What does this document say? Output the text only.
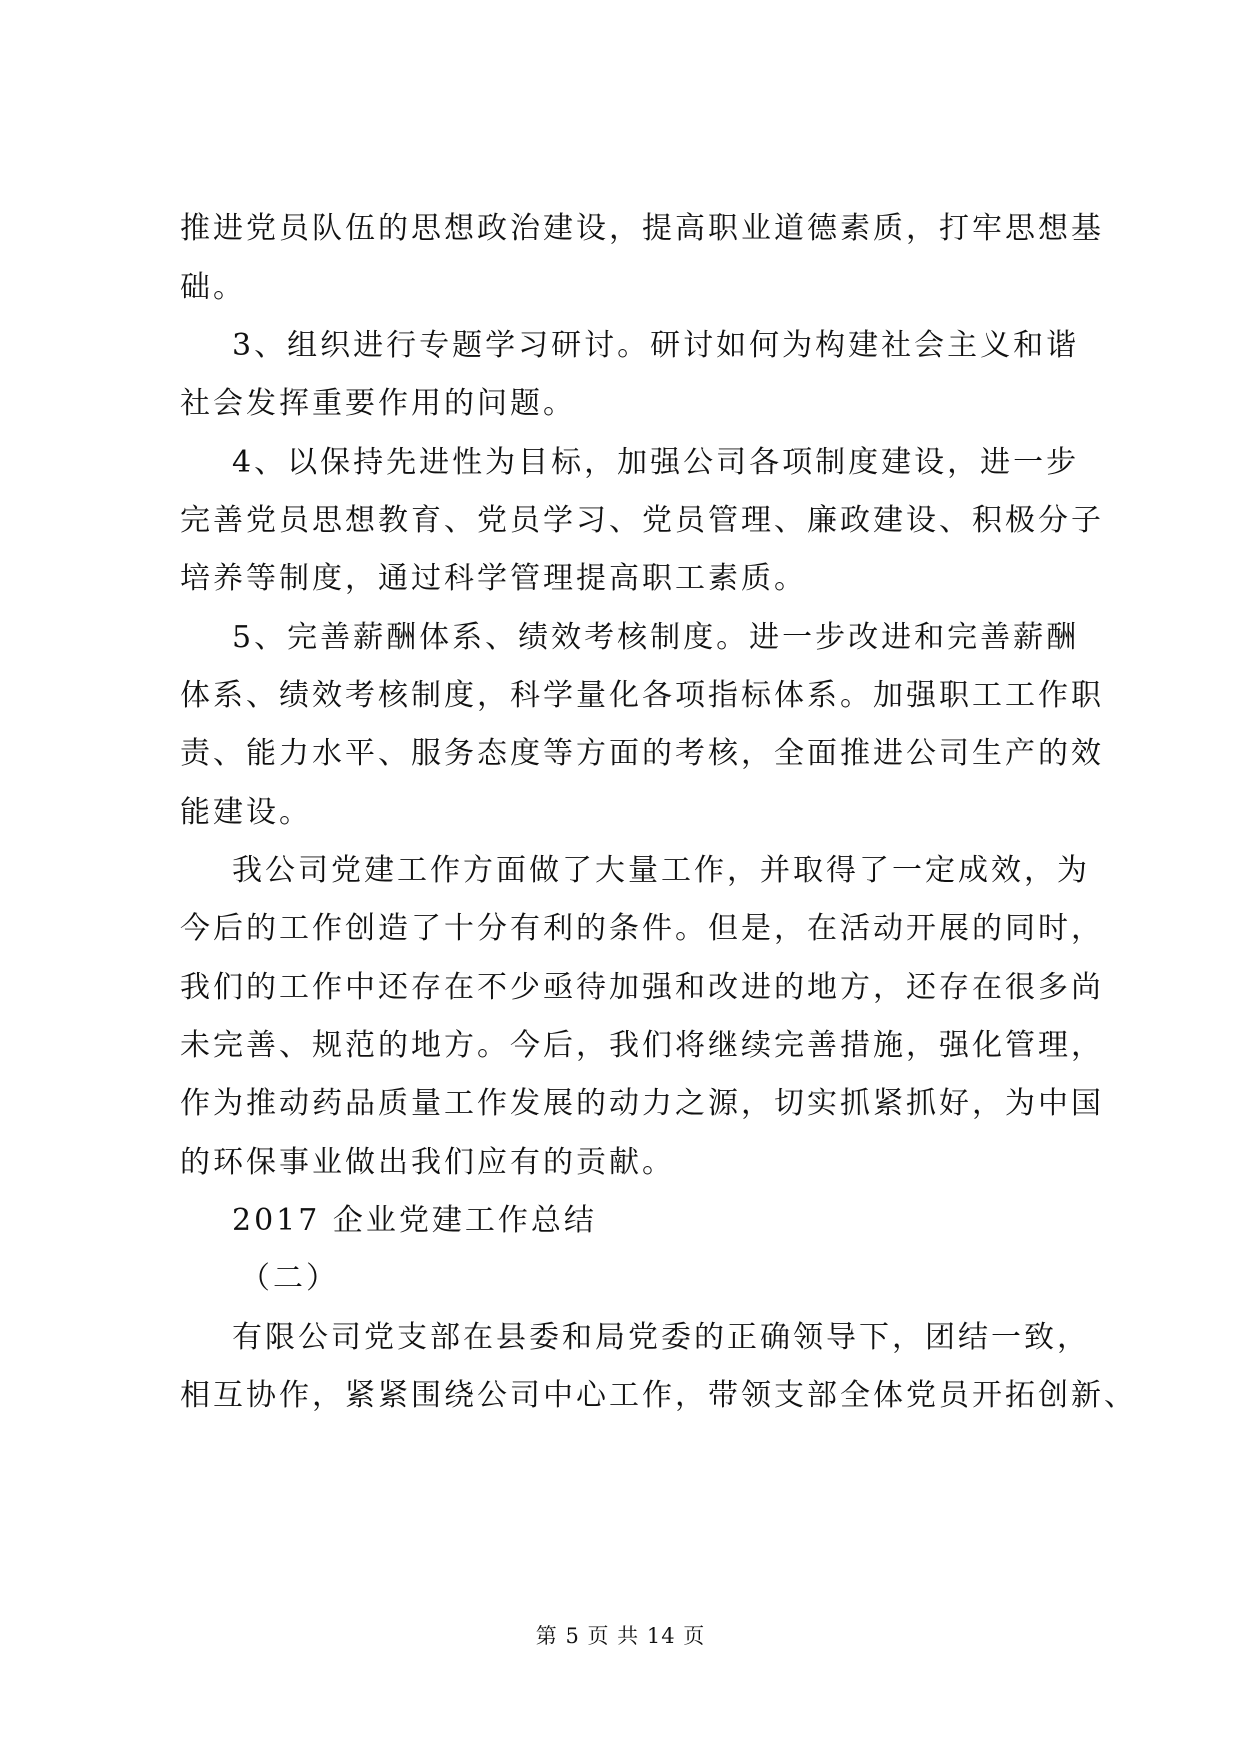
推进党员队伍的思想政治建设，提高职业道德素质，打牢思想基
础。
3、组织进行专题学习研讨。研讨如何为构建社会主义和谐
社会发挥重要作用的问题。
4、以保持先进性为目标，加强公司各项制度建设，进一步
完善党员思想教育、党员学习、党员管理、廉政建设、积极分子
培养等制度，通过科学管理提高职工素质。
5、完善薪酬体系、绩效考核制度。进一步改进和完善薪酬
体系、绩效考核制度，科学量化各项指标体系。加强职工工作职
责、能力水平、服务态度等方面的考核，全面推进公司生产的效
能建设。
我公司党建工作方面做了大量工作，并取得了一定成效，为
今后的工作创造了十分有利的条件。但是，在活动开展的同时，
我们的工作中还存在不少亟待加强和改进的地方，还存在很多尚
未完善、规范的地方。今后，我们将继续完善措施，强化管理，
作为推动药品质量工作发展的动力之源，切实抓紧抓好，为中国
的环保事业做出我们应有的贡献。
2017 企业党建工作总结
（二）
有限公司党支部在县委和局党委的正确领导下，团结一致，
相互协作，紧紧围绕公司中心工作，带领支部全体党员开拓创新、
第 5 页 共 14 页
